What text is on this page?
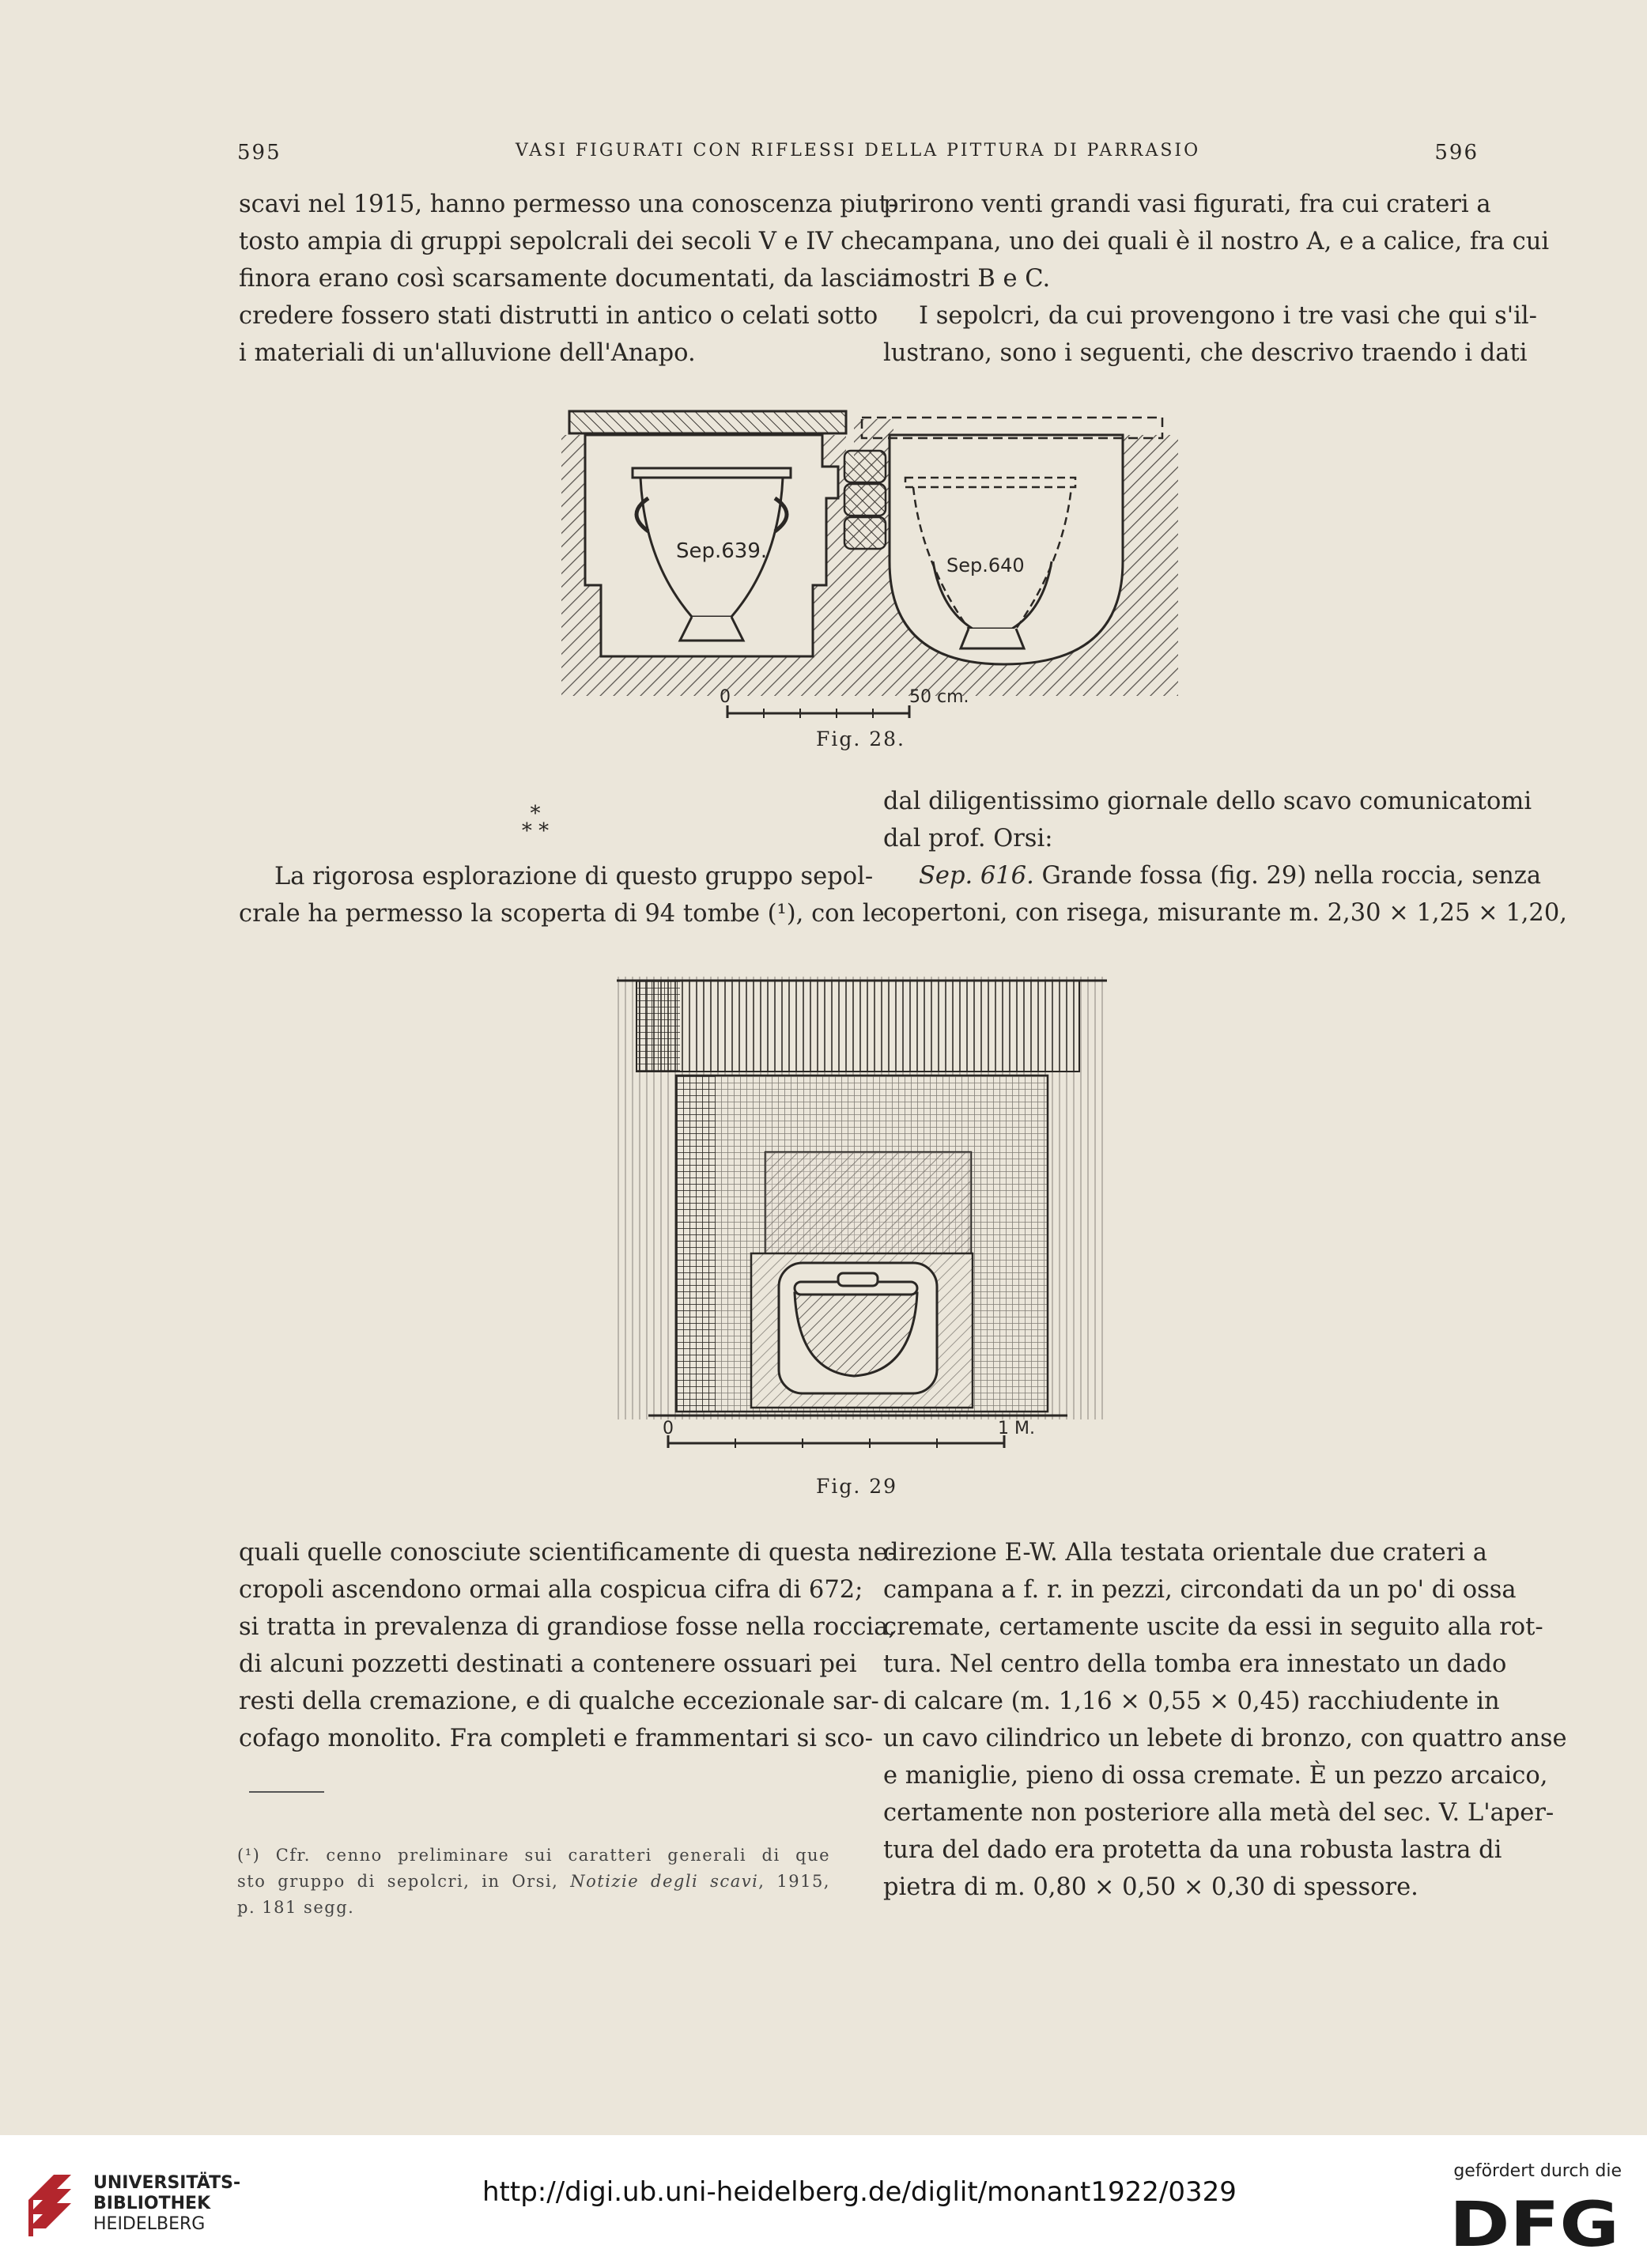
595	VASI FIGURATI CON RIFLESSI DELLA PITTURA DI PARRASIO	596
scavi nel 1915, hanno permesso una conoscenza piut-
tosto ampia di gruppi sepolcrali dei secoli V e IV che
finora erano così scarsamente documentati, da lasciar
credere fossero stati distrutti in antico o celati sotto
i materiali di un'alluvione dell'Anapo.
prirono venti grandi vasi figurati, fra cui crateri a
campana, uno dei quali è il nostro A, e a calice, fra cui
i nostri B e C.
I sepolcri, da cui provengono i tre vasi che qui s'il-
lustrano, sono i seguenti, che descrivo traendo i dati
Sep.639.
Sep.640
0	50 cm.
Fig. 28.
*
* *
La rigorosa esplorazione di questo gruppo sepol-
crale ha permesso la scoperta di 94 tombe (¹), con le
dal diligentissimo giornale dello scavo comunicatomi
dal prof. Orsi:
Sep. 616. Grande fossa (fig. 29) nella roccia, senza
copertoni, con risega, misurante m. 2,30 × 1,25 × 1,20,
0	1 M.
Fig. 29
quali quelle conosciute scientificamente di questa ne-
cropoli ascendono ormai alla cospicua cifra di 672;
si tratta in prevalenza di grandiose fosse nella roccia,
di alcuni pozzetti destinati a contenere ossuari pei
resti della cremazione, e di qualche eccezionale sar-
cofago monolito. Fra completi e frammentari si sco-
(¹) Cfr. cenno preliminare sui caratteri generali di que
sto gruppo di sepolcri, in Orsi, Notizie degli scavi, 1915,
p. 181 segg.
direzione E-W. Alla testata orientale due crateri a
campana a f. r. in pezzi, circondati da un po' di ossa
cremate, certamente uscite da essi in seguito alla rot-
tura. Nel centro della tomba era innestato un dado
di calcare (m. 1,16 × 0,55 × 0,45) racchiudente in
un cavo cilindrico un lebete di bronzo, con quattro anse
e maniglie, pieno di ossa cremate. È un pezzo arcaico,
certamente non posteriore alla metà del sec. V. L'aper-
tura del dado era protetta da una robusta lastra di
pietra di m. 0,80 × 0,50 × 0,30 di spessore.
UNIVERSITÄTS-
BIBLIOTHEK
HEIDELBERG
http://digi.ub.uni-heidelberg.de/diglit/monant1922/0329
gefördert durch die
DFG
